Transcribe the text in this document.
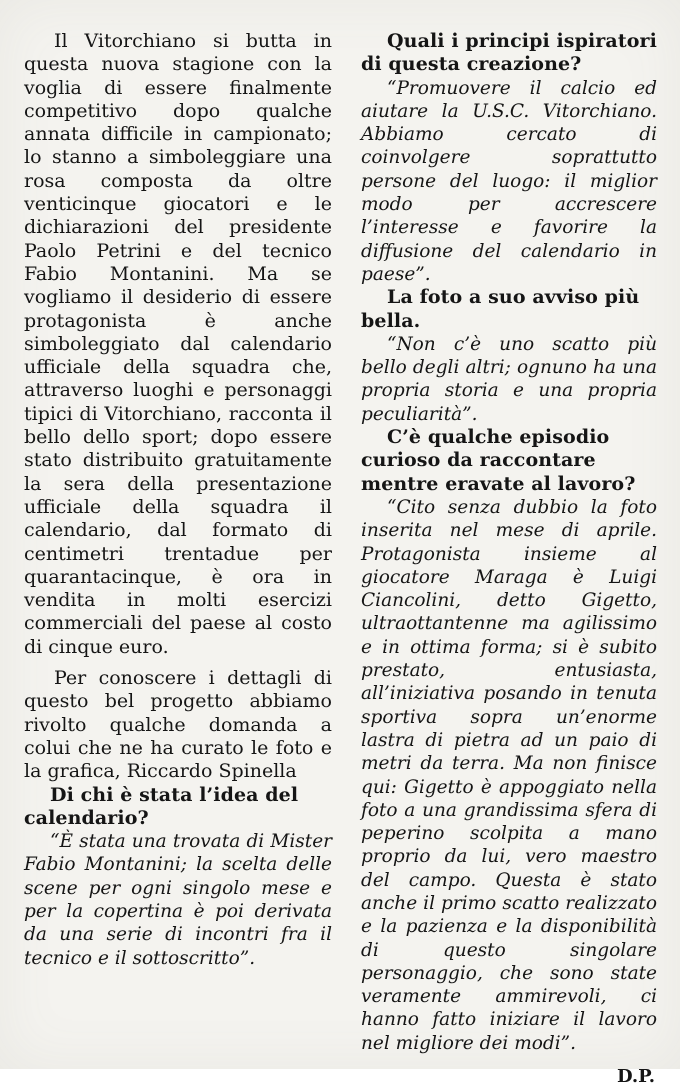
Il Vitorchiano si butta in questa nuova stagione con la voglia di essere finalmente competitivo dopo qualche annata difficile in campionato; lo stanno a simboleggiare una rosa composta da oltre venticinque giocatori e le dichiarazioni del presidente Paolo Petrini e del tecnico Fabio Montanini. Ma se vogliamo il desiderio di essere protagonista è anche simboleggiato dal calendario ufficiale della squadra che, attraverso luoghi e personaggi tipici di Vitorchiano, racconta il bello dello sport; dopo essere stato distribuito gratuitamente la sera della presentazione ufficiale della squadra il calendario, dal formato di centimetri trentadue per quarantacinque, è ora in vendita in molti esercizi commerciali del paese al costo di cinque euro.

Per conoscere i dettagli di questo bel progetto abbiamo rivolto qualche domanda a colui che ne ha curato le foto e la grafica, Riccardo Spinella

Di chi è stata l’idea del calendario?

“È stata una trovata di Mister Fabio Montanini; la scelta delle scene per ogni singolo mese e per la copertina è poi derivata da una serie di incontri fra il tecnico e il sottoscritto”.

Quali i principi ispiratori di questa creazione?

“Promuovere il calcio ed aiutare la U.S.C. Vitorchiano. Abbiamo cercato di coinvolgere soprattutto persone del luogo: il miglior modo per accrescere l’interesse e favorire la diffusione del calendario in paese”.

La foto a suo avviso più bella.

“Non c’è uno scatto più bello degli altri; ognuno ha una propria storia e una propria peculiarità”.

C’è qualche episodio curioso da raccontare mentre eravate al lavoro?

“Cito senza dubbio la foto inserita nel mese di aprile. Protagonista insieme al giocatore Maraga è Luigi Ciancolini, detto Gigetto, ultraottantenne ma agilissimo e in ottima forma; si è subito prestato, entusiasta, all’iniziativa posando in tenuta sportiva sopra un’enorme lastra di pietra ad un paio di metri da terra. Ma non finisce qui: Gigetto è appoggiato nella foto a una grandissima sfera di peperino scolpita a mano proprio da lui, vero maestro del campo. Questa è stato anche il primo scatto realizzato e la pazienza e la disponibilità di questo singolare personaggio, che sono state veramente ammirevoli, ci hanno fatto iniziare il lavoro nel migliore dei modi”.

D.P.
